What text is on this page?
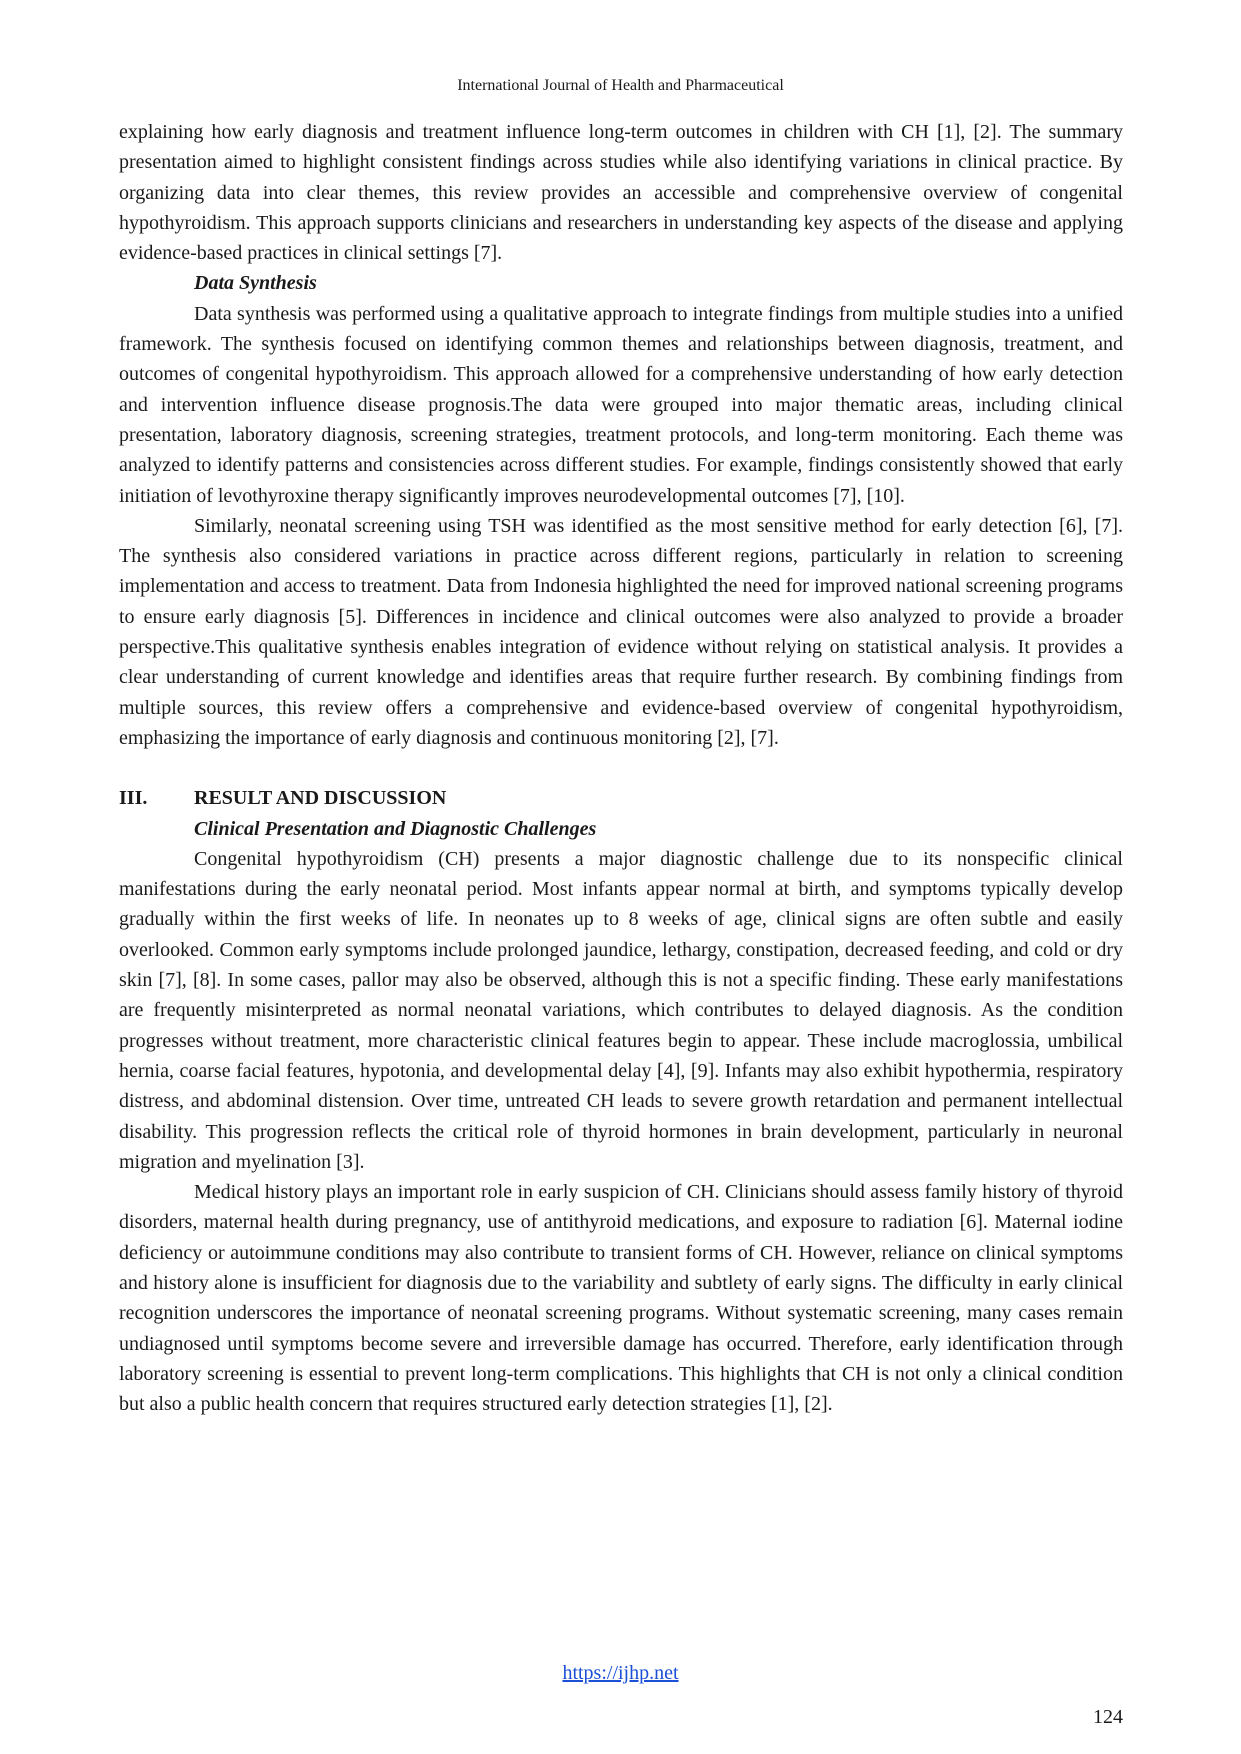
International Journal of Health and Pharmaceutical

explaining how early diagnosis and treatment influence long-term outcomes in children with CH [1], [2]. The summary presentation aimed to highlight consistent findings across studies while also identifying variations in clinical practice. By organizing data into clear themes, this review provides an accessible and comprehensive overview of congenital hypothyroidism. This approach supports clinicians and researchers in understanding key aspects of the disease and applying evidence-based practices in clinical settings [7].

Data Synthesis

Data synthesis was performed using a qualitative approach to integrate findings from multiple studies into a unified framework. The synthesis focused on identifying common themes and relationships between diagnosis, treatment, and outcomes of congenital hypothyroidism. This approach allowed for a comprehensive understanding of how early detection and intervention influence disease prognosis.The data were grouped into major thematic areas, including clinical presentation, laboratory diagnosis, screening strategies, treatment protocols, and long-term monitoring. Each theme was analyzed to identify patterns and consistencies across different studies. For example, findings consistently showed that early initiation of levothyroxine therapy significantly improves neurodevelopmental outcomes [7], [10].

Similarly, neonatal screening using TSH was identified as the most sensitive method for early detection [6], [7]. The synthesis also considered variations in practice across different regions, particularly in relation to screening implementation and access to treatment. Data from Indonesia highlighted the need for improved national screening programs to ensure early diagnosis [5]. Differences in incidence and clinical outcomes were also analyzed to provide a broader perspective.This qualitative synthesis enables integration of evidence without relying on statistical analysis. It provides a clear understanding of current knowledge and identifies areas that require further research. By combining findings from multiple sources, this review offers a comprehensive and evidence-based overview of congenital hypothyroidism, emphasizing the importance of early diagnosis and continuous monitoring [2], [7].

III.	RESULT AND DISCUSSION
Clinical Presentation and Diagnostic Challenges

Congenital hypothyroidism (CH) presents a major diagnostic challenge due to its nonspecific clinical manifestations during the early neonatal period. Most infants appear normal at birth, and symptoms typically develop gradually within the first weeks of life. In neonates up to 8 weeks of age, clinical signs are often subtle and easily overlooked. Common early symptoms include prolonged jaundice, lethargy, constipation, decreased feeding, and cold or dry skin [7], [8]. In some cases, pallor may also be observed, although this is not a specific finding. These early manifestations are frequently misinterpreted as normal neonatal variations, which contributes to delayed diagnosis. As the condition progresses without treatment, more characteristic clinical features begin to appear. These include macroglossia, umbilical hernia, coarse facial features, hypotonia, and developmental delay [4], [9]. Infants may also exhibit hypothermia, respiratory distress, and abdominal distension. Over time, untreated CH leads to severe growth retardation and permanent intellectual disability. This progression reflects the critical role of thyroid hormones in brain development, particularly in neuronal migration and myelination [3].

Medical history plays an important role in early suspicion of CH. Clinicians should assess family history of thyroid disorders, maternal health during pregnancy, use of antithyroid medications, and exposure to radiation [6]. Maternal iodine deficiency or autoimmune conditions may also contribute to transient forms of CH. However, reliance on clinical symptoms and history alone is insufficient for diagnosis due to the variability and subtlety of early signs. The difficulty in early clinical recognition underscores the importance of neonatal screening programs. Without systematic screening, many cases remain undiagnosed until symptoms become severe and irreversible damage has occurred. Therefore, early identification through laboratory screening is essential to prevent long-term complications. This highlights that CH is not only a clinical condition but also a public health concern that requires structured early detection strategies [1], [2].

https://ijhp.net
124
